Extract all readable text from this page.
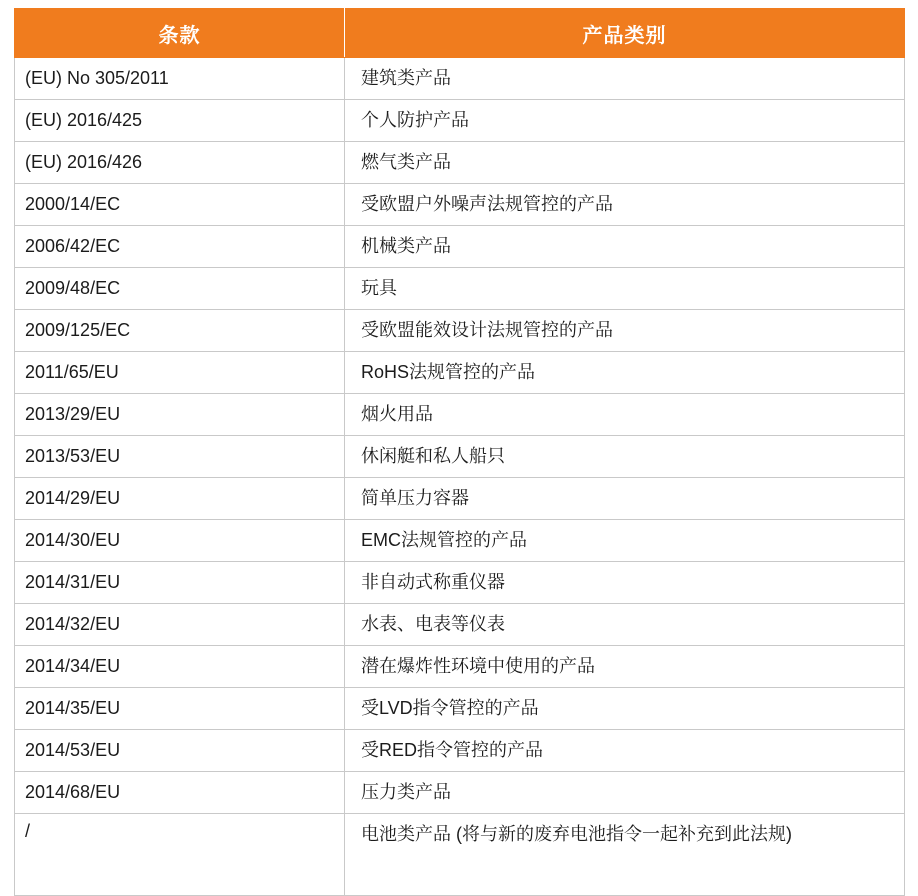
条款	产品类别
(EU) No 305/2011	建筑类产品
(EU) 2016/425	个人防护产品
(EU) 2016/426	燃气类产品
2000/14/EC	受欧盟户外噪声法规管控的产品
2006/42/EC	机械类产品
2009/48/EC	玩具
2009/125/EC	受欧盟能效设计法规管控的产品
2011/65/EU	RoHS法规管控的产品
2013/29/EU	烟火用品
2013/53/EU	休闲艇和私人船只
2014/29/EU	简单压力容器
2014/30/EU	EMC法规管控的产品
2014/31/EU	非自动式称重仪器
2014/32/EU	水表、电表等仪表
2014/34/EU	潜在爆炸性环境中使用的产品
2014/35/EU	受LVD指令管控的产品
2014/53/EU	受RED指令管控的产品
2014/68/EU	压力类产品
/	电池类产品 (将与新的废弃电池指令一起补充到此法规)
